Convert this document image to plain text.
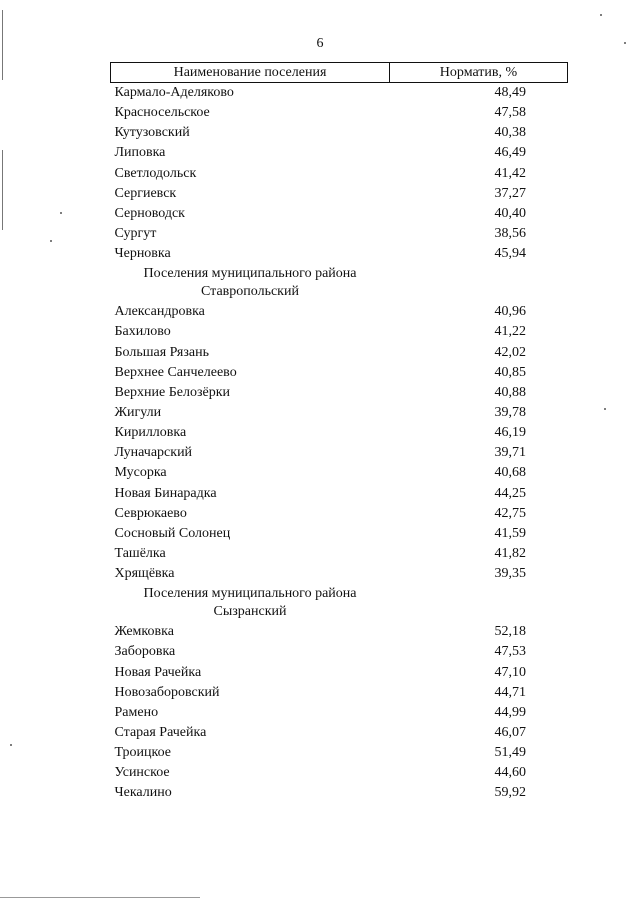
6
Наименование поселения	Норматив, %
Кармало-Аделяково	48,49
Красносельское	47,58
Кутузовский	40,38
Липовка	46,49
Светлодольск	41,42
Сергиевск	37,27
Серноводск	40,40
Сургут	38,56
Черновка	45,94

Поселения муниципального района
Ставропольский	

Александровка	40,96
Бахилово	41,22
Большая Рязань	42,02
Верхнее Санчелеево	40,85
Верхние Белозёрки	40,88
Жигули	39,78
Кирилловка	46,19
Луначарский	39,71
Мусорка	40,68
Новая Бинарадка	44,25
Севрюкаево	42,75
Сосновый Солонец	41,59
Ташёлка	41,82
Хрящёвка	39,35

Поселения муниципального района
Сызранский	

Жемковка	52,18
Заборовка	47,53
Новая Рачейка	47,10
Новозаборовский	44,71
Рамено	44,99
Старая Рачейка	46,07
Троицкое	51,49
Усинское	44,60
Чекалино	59,92
